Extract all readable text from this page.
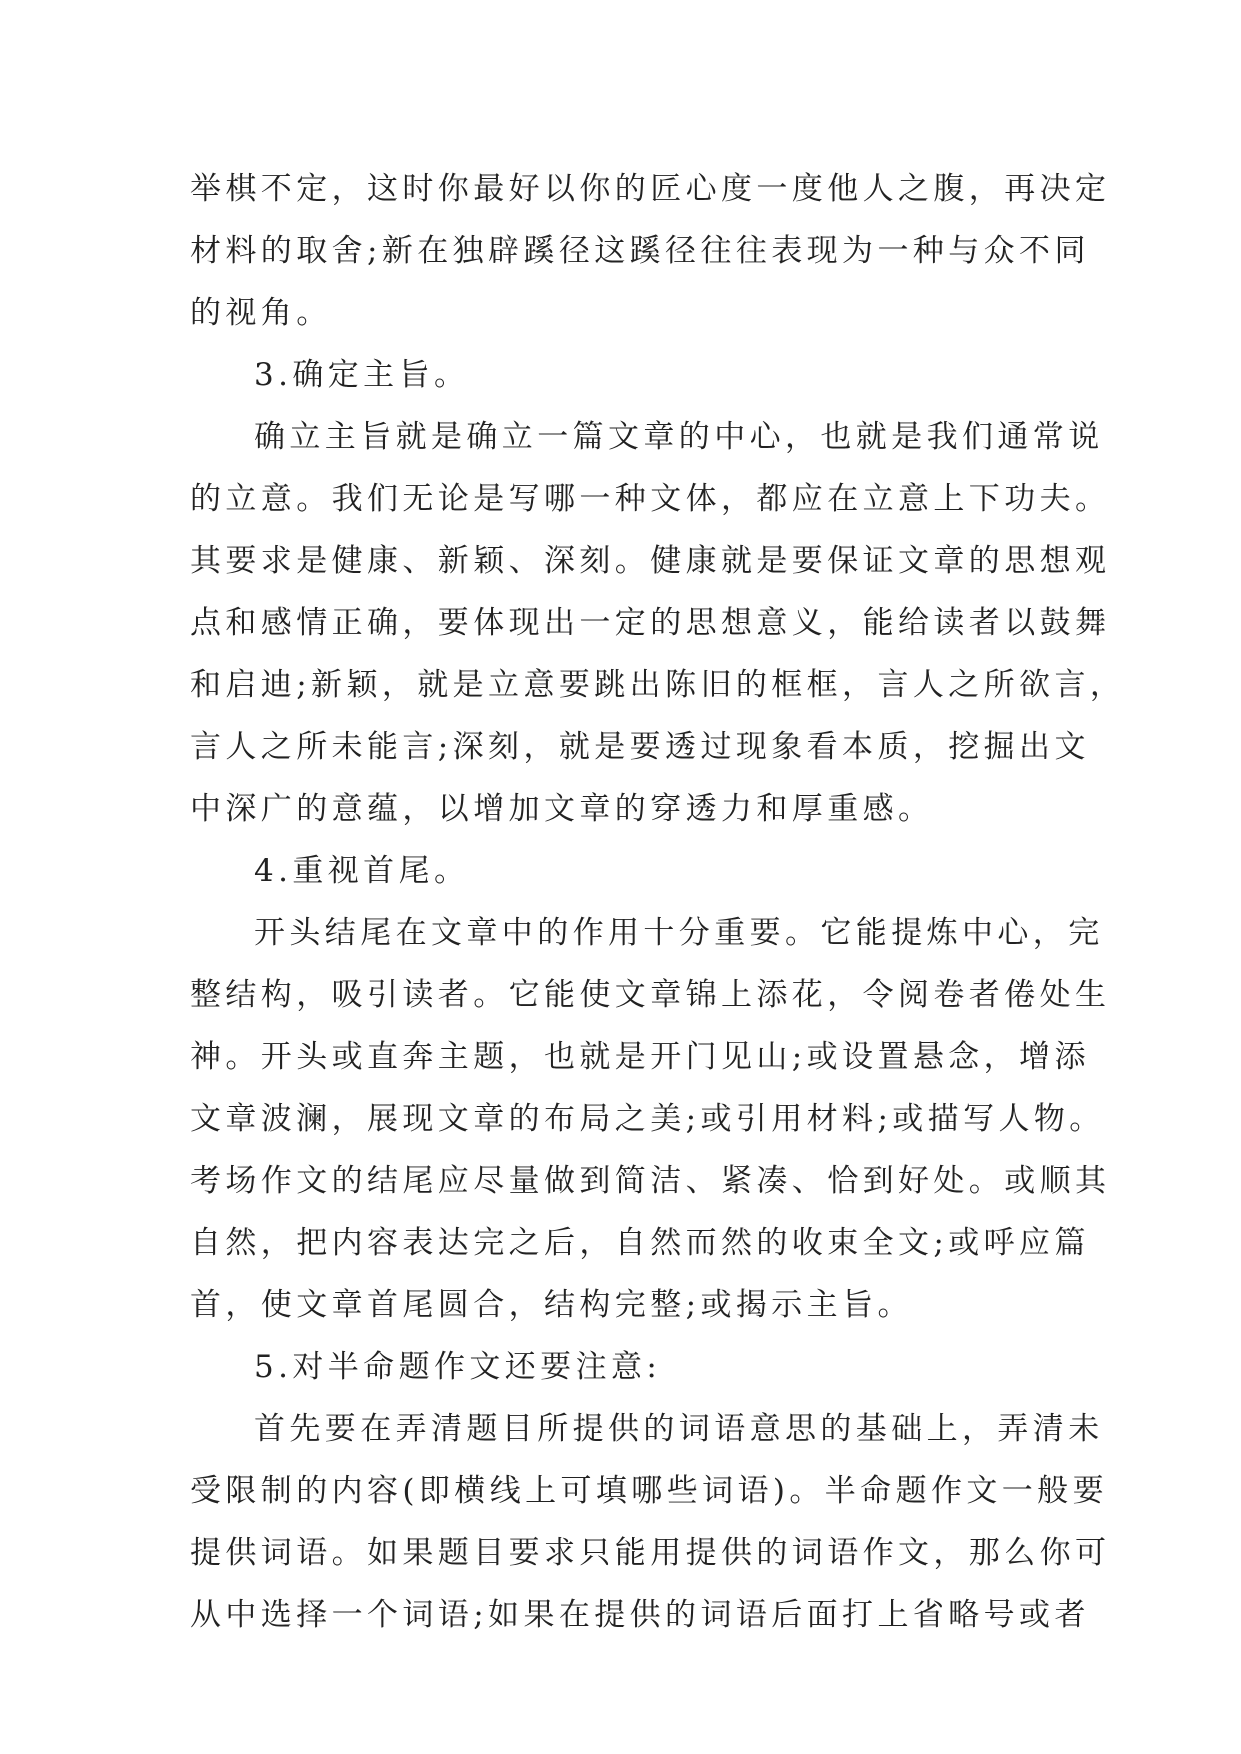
举棋不定，这时你最好以你的匠心度一度他人之腹，再决定
材料的取舍;新在独辟蹊径这蹊径往往表现为一种与众不同
的视角。
3.确定主旨。
确立主旨就是确立一篇文章的中心，也就是我们通常说
的立意。我们无论是写哪一种文体，都应在立意上下功夫。
其要求是健康、新颖、深刻。健康就是要保证文章的思想观
点和感情正确，要体现出一定的思想意义，能给读者以鼓舞
和启迪;新颖，就是立意要跳出陈旧的框框，言人之所欲言，
言人之所未能言;深刻，就是要透过现象看本质，挖掘出文
中深广的意蕴，以增加文章的穿透力和厚重感。
4.重视首尾。
开头结尾在文章中的作用十分重要。它能提炼中心，完
整结构，吸引读者。它能使文章锦上添花，令阅卷者倦处生
神。开头或直奔主题，也就是开门见山;或设置悬念，增添
文章波澜，展现文章的布局之美;或引用材料;或描写人物。
考场作文的结尾应尽量做到简洁、紧凑、恰到好处。或顺其
自然，把内容表达完之后，自然而然的收束全文;或呼应篇
首，使文章首尾圆合，结构完整;或揭示主旨。
5.对半命题作文还要注意:
首先要在弄清题目所提供的词语意思的基础上，弄清未
受限制的内容(即横线上可填哪些词语)。半命题作文一般要
提供词语。如果题目要求只能用提供的词语作文，那么你可
从中选择一个词语;如果在提供的词语后面打上省略号或者
